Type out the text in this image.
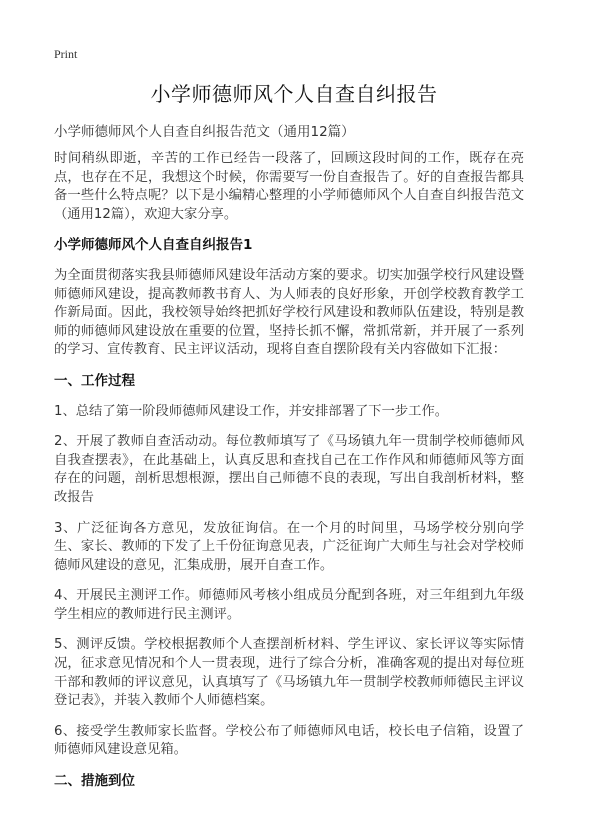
Print
小学师德师风个人自查自纠报告
小学师德师风个人自查自纠报告范文（通用12篇）

时间稍纵即逝，辛苦的工作已经告一段落了，回顾这段时间的工作，既存在亮点，也存在不足，我想这个时候，你需要写一份自查报告了。好的自查报告都具备一些什么特点呢？以下是小编精心整理的小学师德师风个人自查自纠报告范文（通用12篇），欢迎大家分享。

小学师德师风个人自查自纠报告1

为全面贯彻落实我县师德师风建设年活动方案的要求。切实加强学校行风建设暨师德师风建设，提高教师教书育人、为人师表的良好形象，开创学校教育教学工作新局面。因此，我校领导始终把抓好学校行风建设和教师队伍建设，特别是教师的师德师风建设放在重要的位置，坚持长抓不懈，常抓常新，并开展了一系列的学习、宣传教育、民主评议活动，现将自查自摆阶段有关内容做如下汇报：

一、工作过程

1、总结了第一阶段师德师风建设工作，并安排部署了下一步工作。

2、开展了教师自查活动动。每位教师填写了《马场镇九年一贯制学校师德师风自我查摆表》，在此基础上，认真反思和查找自己在工作作风和师德师风等方面存在的问题，剖析思想根源，摆出自己师德不良的表现，写出自我剖析材料，整改报告

3、广泛征询各方意见，发放征询信。在一个月的时间里，马场学校分别向学生、家长、教师的下发了上千份征询意见表，广泛征询广大师生与社会对学校师德师风建设的意见，汇集成册，展开自查工作。

4、开展民主测评工作。师德师风考核小组成员分配到各班，对三年组到九年级学生相应的教师进行民主测评。

5、测评反馈。学校根据教师个人查摆剖析材料、学生评议、家长评议等实际情况，征求意见情况和个人一贯表现，进行了综合分析，准确客观的提出对每位班干部和教师的评议意见，认真填写了《马场镇九年一贯制学校教师师德民主评议登记表》，并装入教师个人师德档案。

6、接受学生教师家长监督。学校公布了师德师风电话，校长电子信箱，设置了师德师风建设意见箱。

二、措施到位
